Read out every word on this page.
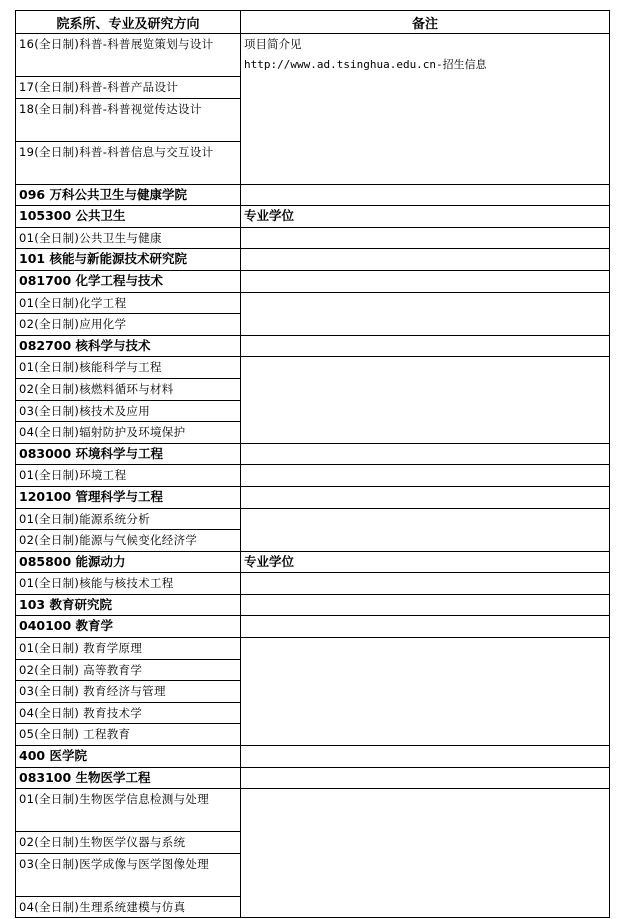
院系所、专业及研究方向	备注
16(全日制)科普-科普展览策划与设计	项目简介见
http://www.ad.tsinghua.edu.cn-招生信息

17(全日制)科普-科普产品设计	
18(全日制)科普-科普视觉传达设计	
19(全日制)科普-科普信息与交互设计	
096 万科公共卫生与健康学院	
105300 公共卫生	专业学位
01(全日制)公共卫生与健康	
101 核能与新能源技术研究院	
081700 化学工程与技术	
01(全日制)化学工程	
02(全日制)应用化学	
082700 核科学与技术	
01(全日制)核能科学与工程	
02(全日制)核燃料循环与材料	
03(全日制)核技术及应用	
04(全日制)辐射防护及环境保护	
083000 环境科学与工程	
01(全日制)环境工程	
120100 管理科学与工程	
01(全日制)能源系统分析	
02(全日制)能源与气候变化经济学	
085800 能源动力	专业学位
01(全日制)核能与核技术工程	
103 教育研究院	
040100 教育学	
01(全日制) 教育学原理	
02(全日制) 高等教育学	
03(全日制) 教育经济与管理	
04(全日制) 教育技术学	
05(全日制) 工程教育	
400 医学院	
083100 生物医学工程	
01(全日制)生物医学信息检测与处理	
02(全日制)生物医学仪器与系统	
03(全日制)医学成像与医学图像处理	
04(全日制)生理系统建模与仿真	
